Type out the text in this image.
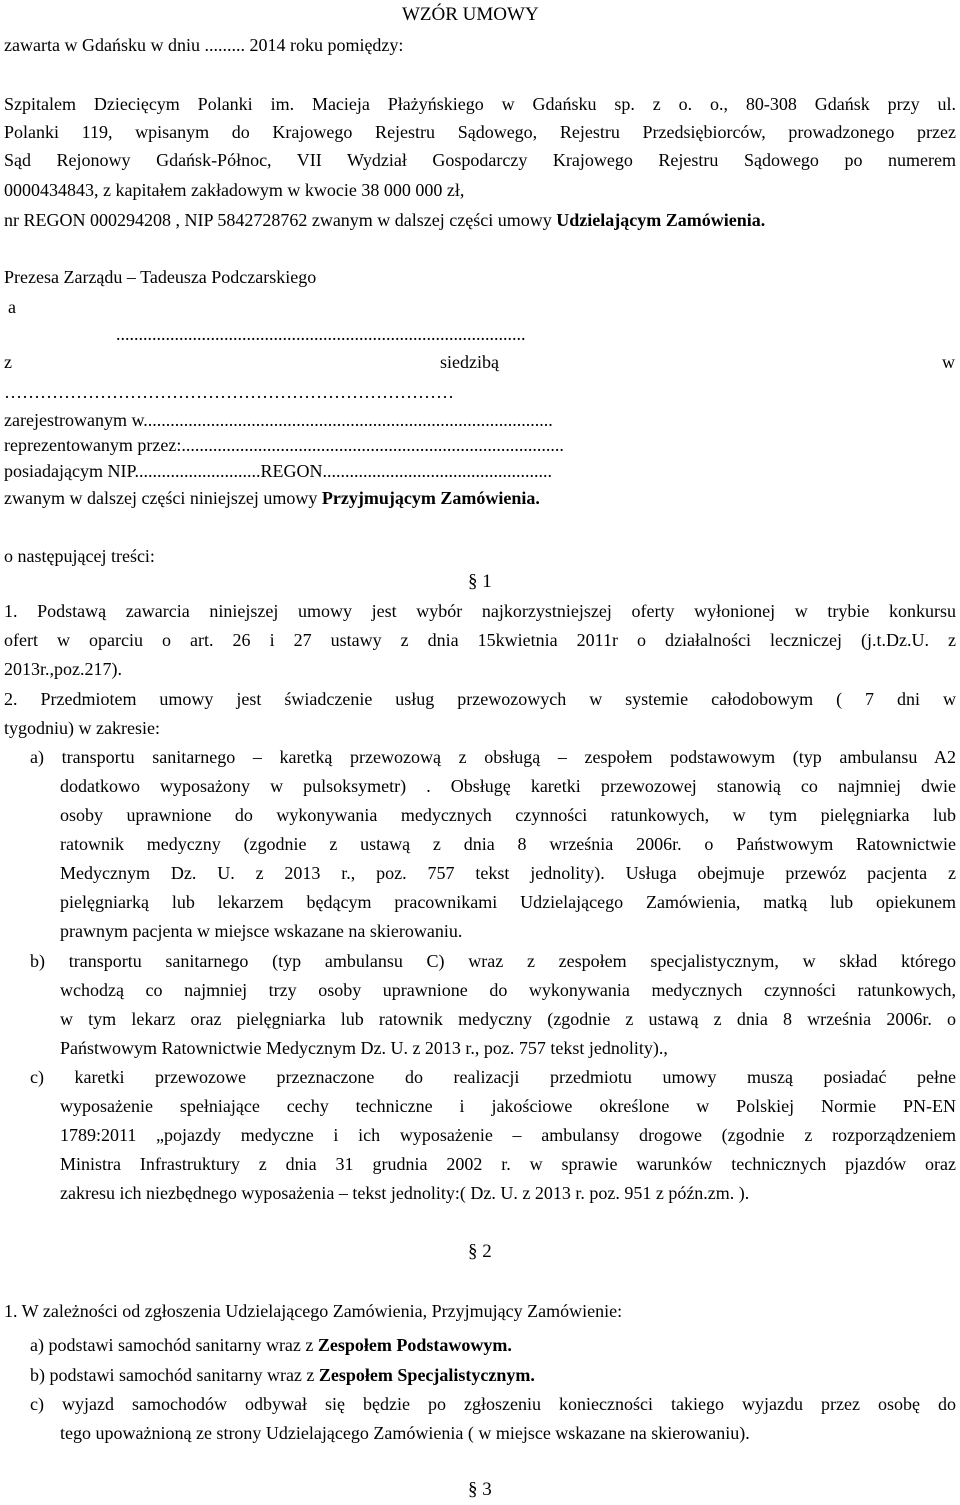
WZÓR UMOWY
zawarta w Gdańsku w dniu ......... 2014 roku pomiędzy:
Szpitalem Dziecięcym Polanki im. Macieja Płażyńskiego w Gdańsku sp. z o. o., 80-308 Gdańsk przy ul.
Polanki 119, wpisanym do Krajowego Rejestru Sądowego, Rejestru Przedsiębiorców, prowadzonego przez
Sąd Rejonowy Gdańsk-Północ, VII Wydział Gospodarczy Krajowego Rejestru Sądowego po numerem
0000434843, z kapitałem zakładowym w kwocie 38 000 000 zł,
nr REGON 000294208 , NIP 5842728762 zwanym w dalszej części umowy Udzielającym Zamówienia.
Prezesa Zarządu – Tadeusza Podczarskiego
a
...........................................................................................
z	siedzibą	w
…………………………………………………………………
zarejestrowanym w...........................................................................................
reprezentowanym przez:.....................................................................................
posiadającym NIP............................REGON...................................................
zwanym w dalszej części niniejszej umowy Przyjmującym Zamówienia.
o następującej treści:
§ 1
1. Podstawą zawarcia niniejszej umowy jest wybór najkorzystniejszej oferty wyłonionej w trybie konkursu
ofert w oparciu o art. 26 i 27 ustawy z dnia 15kwietnia 2011r o działalności leczniczej (j.t.Dz.U. z
2013r.,poz.217).
2. Przedmiotem umowy jest świadczenie usług przewozowych w systemie całodobowym ( 7 dni w
tygodniu) w zakresie:
a) transportu sanitarnego – karetką przewozową z obsługą – zespołem podstawowym (typ ambulansu A2
dodatkowo wyposażony w pulsoksymetr) . Obsługę karetki przewozowej stanowią co najmniej dwie
osoby uprawnione do wykonywania medycznych czynności ratunkowych, w tym pielęgniarka lub
ratownik medyczny (zgodnie z ustawą z dnia 8 września 2006r. o Państwowym Ratownictwie
Medycznym Dz. U. z 2013 r., poz. 757 tekst jednolity). Usługa obejmuje przewóz pacjenta z
pielęgniarką lub lekarzem będącym pracownikami Udzielającego Zamówienia, matką lub opiekunem
prawnym pacjenta w miejsce wskazane na skierowaniu.
b) transportu sanitarnego (typ ambulansu C) wraz z zespołem specjalistycznym, w skład którego
wchodzą co najmniej trzy osoby uprawnione do wykonywania medycznych czynności ratunkowych,
w tym lekarz oraz pielęgniarka lub ratownik medyczny (zgodnie z ustawą z dnia 8 września 2006r. o
Państwowym Ratownictwie Medycznym Dz. U. z 2013 r., poz. 757 tekst jednolity).,
c) karetki przewozowe przeznaczone do realizacji przedmiotu umowy muszą posiadać pełne
wyposażenie spełniające cechy techniczne i jakościowe określone w Polskiej Normie PN-EN
1789:2011 „pojazdy medyczne i ich wyposażenie – ambulansy drogowe (zgodnie z rozporządzeniem
Ministra Infrastruktury z dnia 31 grudnia 2002 r. w sprawie warunków technicznych pjazdów oraz
zakresu ich niezbędnego wyposażenia – tekst jednolity:( Dz. U. z 2013 r. poz. 951 z późn.zm. ).
§ 2
1. W zależności od zgłoszenia Udzielającego Zamówienia, Przyjmujący Zamówienie:
a) podstawi samochód sanitarny wraz z Zespołem Podstawowym.
b) podstawi samochód sanitarny wraz z Zespołem Specjalistycznym.
c) wyjazd samochodów odbywał się będzie po zgłoszeniu konieczności takiego wyjazdu przez osobę do
tego upoważnioną ze strony Udzielającego Zamówienia ( w miejsce wskazane na skierowaniu).
§ 3
